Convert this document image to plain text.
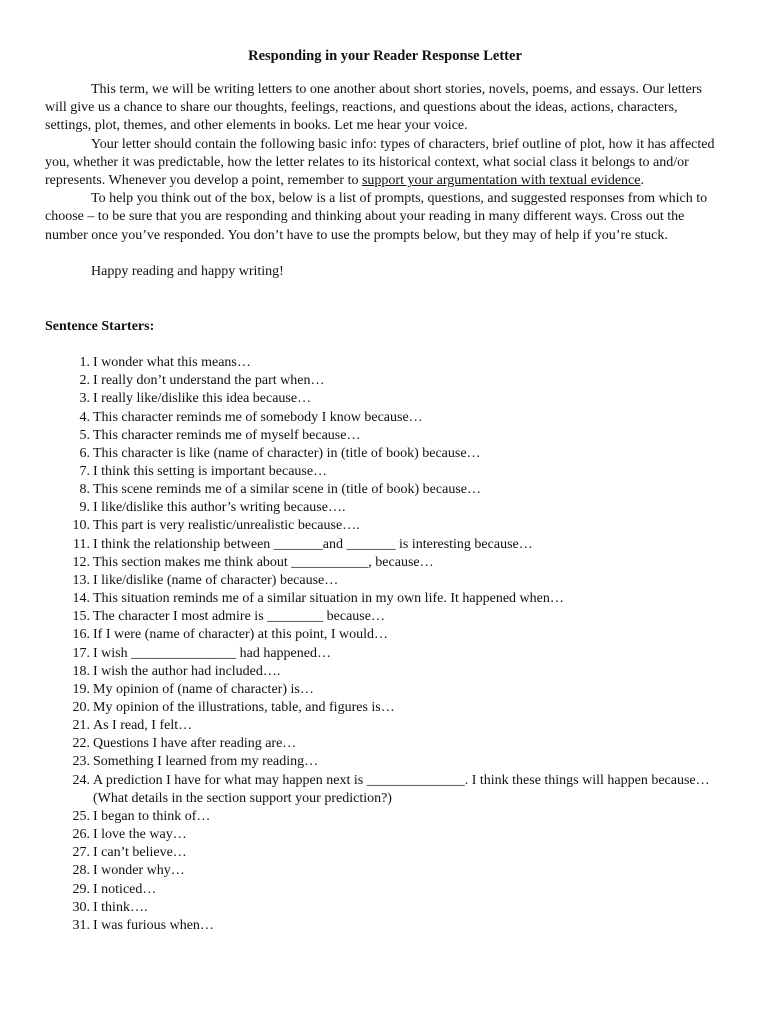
Responding in your Reader Response Letter

This term, we will be writing letters to one another about short stories, novels, poems, and essays. Our letters will give us a chance to share our thoughts, feelings, reactions, and questions about the ideas, actions, characters, settings, plot, themes, and other elements in books. Let me hear your voice.

Your letter should contain the following basic info: types of characters, brief outline of plot, how it has affected you, whether it was predictable, how the letter relates to its historical context, what social class it belongs to and/or represents. Whenever you develop a point, remember to support your argumentation with textual evidence.

To help you think out of the box, below is a list of prompts, questions, and suggested responses from which to choose – to be sure that you are responding and thinking about your reading in many different ways. Cross out the number once you’ve responded. You don’t have to use the prompts below, but they may of help if you’re stuck.

Happy reading and happy writing!

Sentence Starters:
1. I wonder what this means…
2. I really don’t understand the part when…
3. I really like/dislike this idea because…
4. This character reminds me of somebody I know because…
5. This character reminds me of myself because…
6. This character is like (name of character) in (title of book) because…
7. I think this setting is important because…
8. This scene reminds me of a similar scene in (title of book) because…
9. I like/dislike this author’s writing because….
10. This part is very realistic/unrealistic because….
11. I think the relationship between _______and _______ is interesting because…
12. This section makes me think about ___________, because…
13. I like/dislike (name of character) because…
14. This situation reminds me of a similar situation in my own life. It happened when…
15. The character I most admire is ________ because…
16. If I were (name of character) at this point, I would…
17. I wish _______________ had happened…
18. I wish the author had included….
19. My opinion of (name of character) is…
20. My opinion of the illustrations, table, and figures is…
21. As I read, I felt…
22. Questions I have after reading are…
23. Something I learned from my reading…
24. A prediction I have for what may happen next is ______________. I think these things will happen because…(What details in the section support your prediction?)
25. I began to think of…
26. I love the way…
27. I can’t believe…
28. I wonder why…
29. I noticed…
30. I think….
31. I was furious when…
